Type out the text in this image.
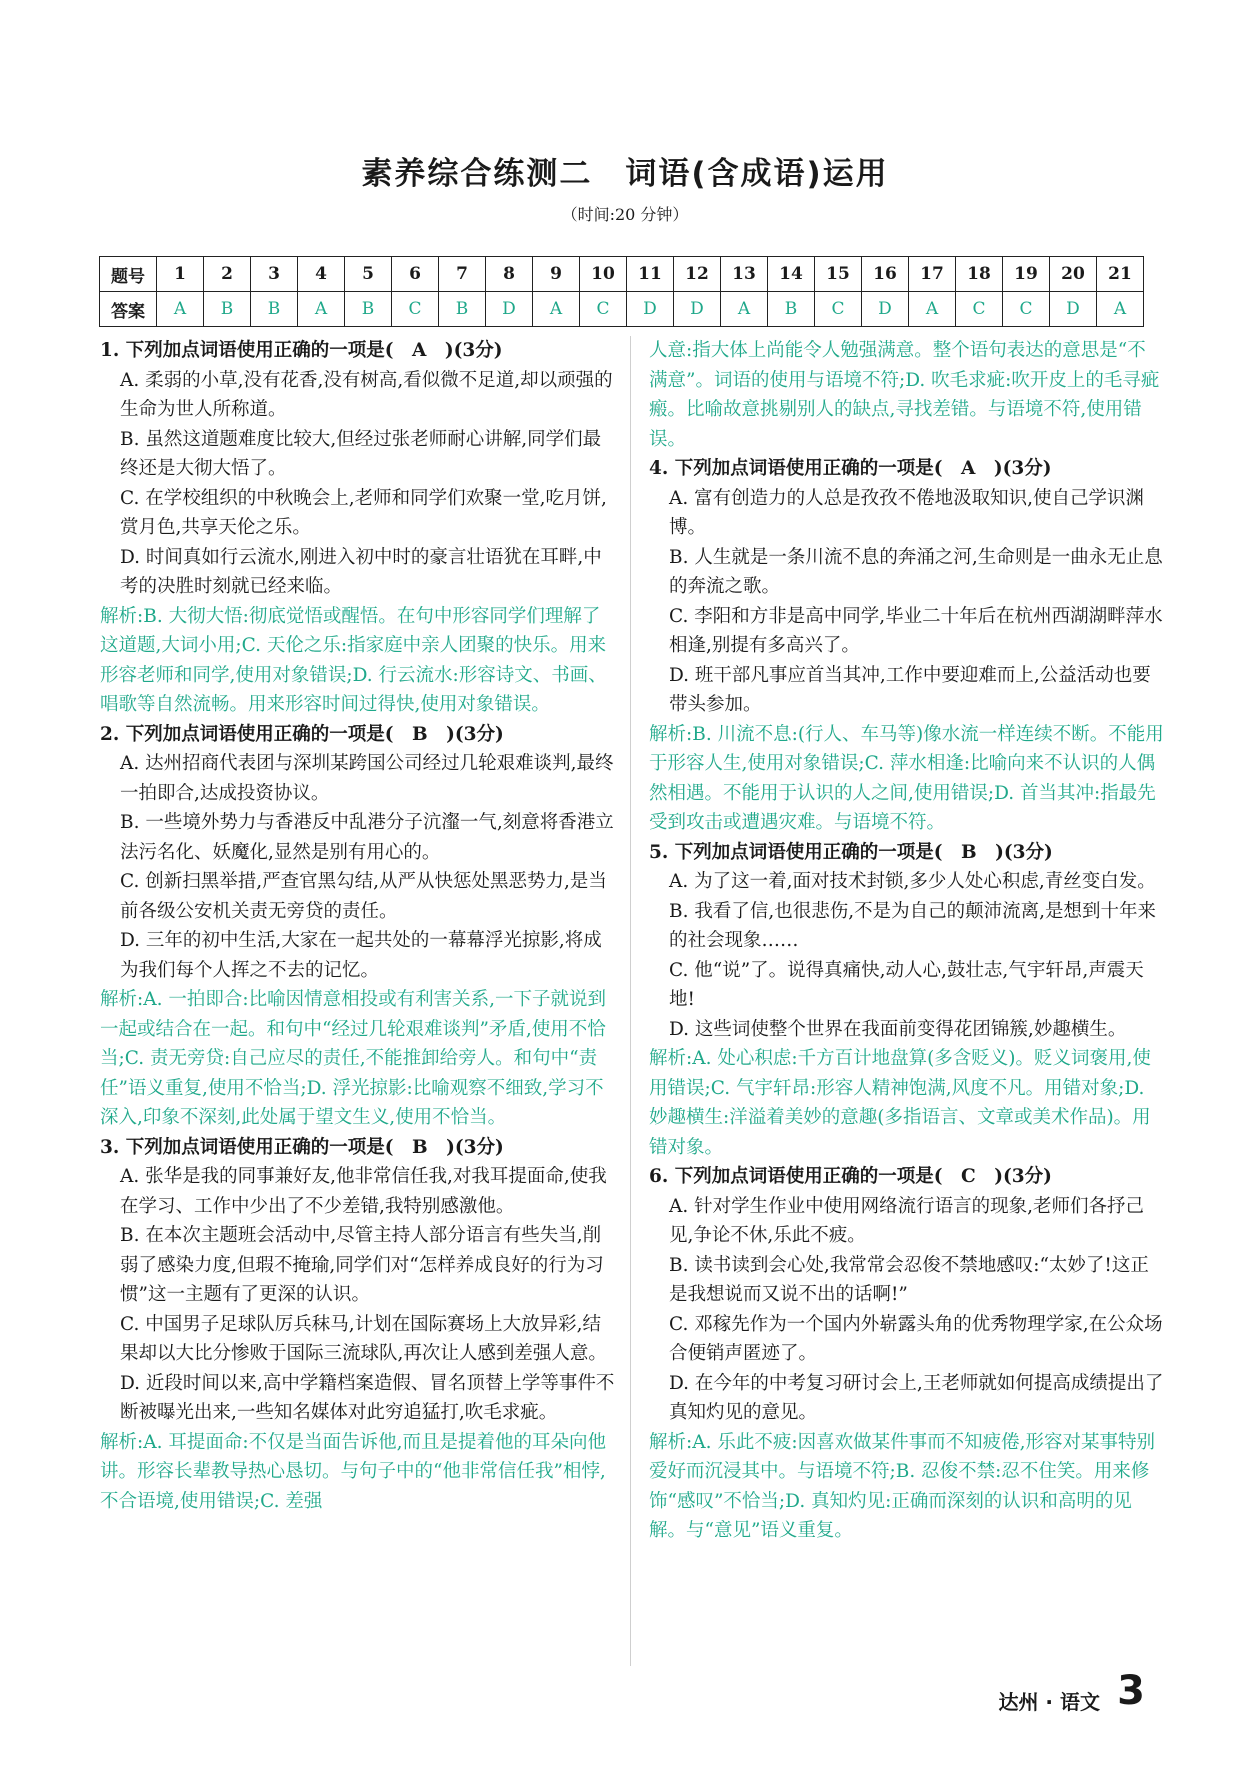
素养综合练测二　词语(含成语)运用
（时间:20 分钟）
题号	1	2	3	4	5	6	7	8	9	10	11	12	13	14	15	16	17	18	19	20	21
答案	A	B	B	A	B	C	B	D	A	C	D	D	A	B	C	D	A	C	C	D	A
1. 下列加点词语使用正确的一项是(　A　)(3分)
A. 柔弱的小草,没有花香,没有树高,看似微不足道,却以顽强的生命为世人所称道。
B. 虽然这道题难度比较大,但经过张老师耐心讲解,同学们最终还是大彻大悟了。
C. 在学校组织的中秋晚会上,老师和同学们欢聚一堂,吃月饼,赏月色,共享天伦之乐。
D. 时间真如行云流水,刚进入初中时的豪言壮语犹在耳畔,中考的决胜时刻就已经来临。
解析:B. 大彻大悟:彻底觉悟或醒悟。在句中形容同学们理解了这道题,大词小用;C. 天伦之乐:指家庭中亲人团聚的快乐。用来形容老师和同学,使用对象错误;D. 行云流水:形容诗文、书画、唱歌等自然流畅。用来形容时间过得快,使用对象错误。
2. 下列加点词语使用正确的一项是(　B　)(3分)
A. 达州招商代表团与深圳某跨国公司经过几轮艰难谈判,最终一拍即合,达成投资协议。
B. 一些境外势力与香港反中乱港分子沆瀣一气,刻意将香港立法污名化、妖魔化,显然是别有用心的。
C. 创新扫黑举措,严查官黑勾结,从严从快惩处黑恶势力,是当前各级公安机关责无旁贷的责任。
D. 三年的初中生活,大家在一起共处的一幕幕浮光掠影,将成为我们每个人挥之不去的记忆。
解析:A. 一拍即合:比喻因情意相投或有利害关系,一下子就说到一起或结合在一起。和句中“经过几轮艰难谈判”矛盾,使用不恰当;C. 责无旁贷:自己应尽的责任,不能推卸给旁人。和句中“责任”语义重复,使用不恰当;D. 浮光掠影:比喻观察不细致,学习不深入,印象不深刻,此处属于望文生义,使用不恰当。
3. 下列加点词语使用正确的一项是(　B　)(3分)
A. 张华是我的同事兼好友,他非常信任我,对我耳提面命,使我在学习、工作中少出了不少差错,我特别感激他。
B. 在本次主题班会活动中,尽管主持人部分语言有些失当,削弱了感染力度,但瑕不掩瑜,同学们对“怎样养成良好的行为习惯”这一主题有了更深的认识。
C. 中国男子足球队厉兵秣马,计划在国际赛场上大放异彩,结果却以大比分惨败于国际三流球队,再次让人感到差强人意。
D. 近段时间以来,高中学籍档案造假、冒名顶替上学等事件不断被曝光出来,一些知名媒体对此穷追猛打,吹毛求疵。
解析:A. 耳提面命:不仅是当面告诉他,而且是提着他的耳朵向他讲。形容长辈教导热心恳切。与句子中的“他非常信任我”相悖,不合语境,使用错误;C. 差强
人意:指大体上尚能令人勉强满意。整个语句表达的意思是“不满意”。词语的使用与语境不符;D. 吹毛求疵:吹开皮上的毛寻疵瘢。比喻故意挑剔别人的缺点,寻找差错。与语境不符,使用错误。
4. 下列加点词语使用正确的一项是(　A　)(3分)
A. 富有创造力的人总是孜孜不倦地汲取知识,使自己学识渊博。
B. 人生就是一条川流不息的奔涌之河,生命则是一曲永无止息的奔流之歌。
C. 李阳和方非是高中同学,毕业二十年后在杭州西湖湖畔萍水相逢,别提有多高兴了。
D. 班干部凡事应首当其冲,工作中要迎难而上,公益活动也要带头参加。
解析:B. 川流不息:(行人、车马等)像水流一样连续不断。不能用于形容人生,使用对象错误;C. 萍水相逢:比喻向来不认识的人偶然相遇。不能用于认识的人之间,使用错误;D. 首当其冲:指最先受到攻击或遭遇灾难。与语境不符。
5. 下列加点词语使用正确的一项是(　B　)(3分)
A. 为了这一着,面对技术封锁,多少人处心积虑,青丝变白发。
B. 我看了信,也很悲伤,不是为自己的颠沛流离,是想到十年来的社会现象……
C. 他“说”了。说得真痛快,动人心,鼓壮志,气宇轩昂,声震天地!
D. 这些词使整个世界在我面前变得花团锦簇,妙趣横生。
解析:A. 处心积虑:千方百计地盘算(多含贬义)。贬义词褒用,使用错误;C. 气宇轩昂:形容人精神饱满,风度不凡。用错对象;D. 妙趣横生:洋溢着美妙的意趣(多指语言、文章或美术作品)。用错对象。
6. 下列加点词语使用正确的一项是(　C　)(3分)
A. 针对学生作业中使用网络流行语言的现象,老师们各抒己见,争论不休,乐此不疲。
B. 读书读到会心处,我常常会忍俊不禁地感叹:“太妙了!这正是我想说而又说不出的话啊!”
C. 邓稼先作为一个国内外崭露头角的优秀物理学家,在公众场合便销声匿迹了。
D. 在今年的中考复习研讨会上,王老师就如何提高成绩提出了真知灼见的意见。
解析:A. 乐此不疲:因喜欢做某件事而不知疲倦,形容对某事特别爱好而沉浸其中。与语境不符;B. 忍俊不禁:忍不住笑。用来修饰“感叹”不恰当;D. 真知灼见:正确而深刻的认识和高明的见解。与“意见”语义重复。
达州 · 语文 3
